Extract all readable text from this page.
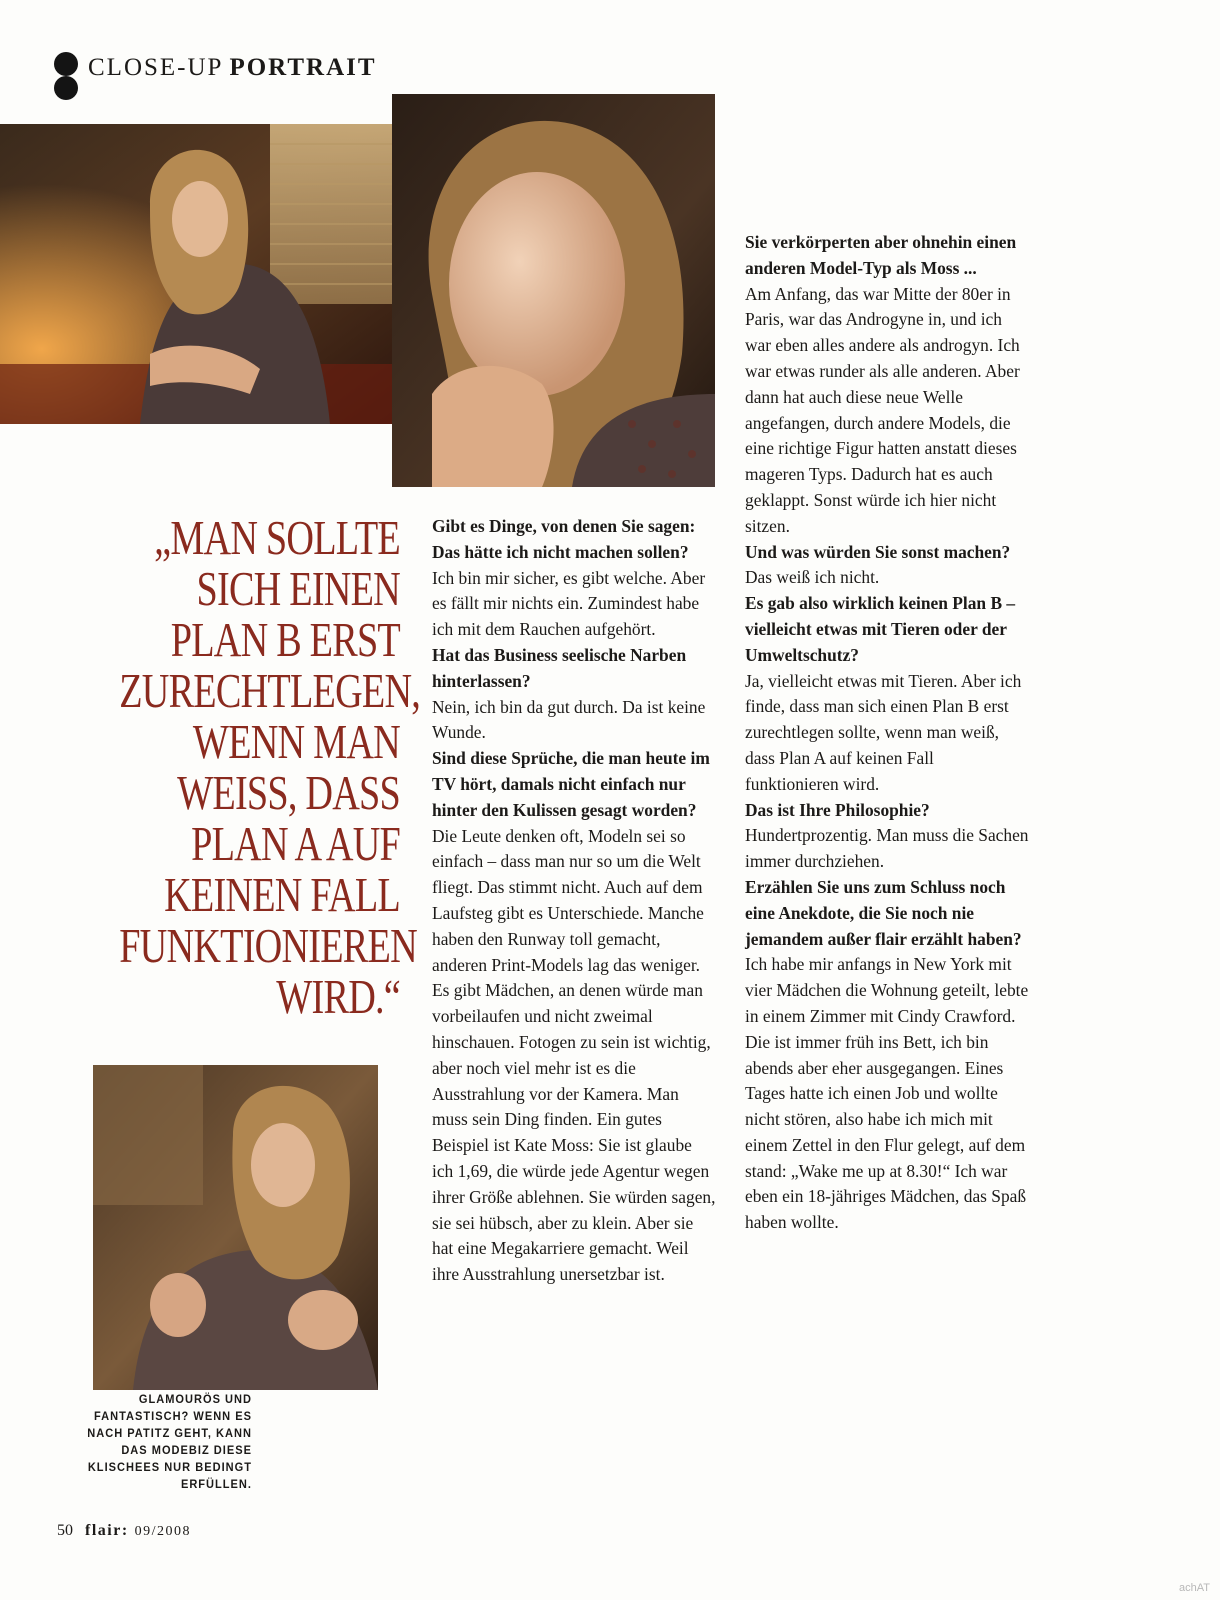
CLOSE-UP PORTRAIT
„MAN SOLLTE SICH EINEN PLAN B ERST ZURECHTLEGEN, WENN MAN WEISS, DASS PLAN A AUF KEINEN FALL FUNKTIONIEREN WIRD.“
GLAMOURÖS UND FANTASTISCH? WENN ES NACH PATITZ GEHT, KANN DAS MODEBIZ DIESE KLISCHEES NUR BEDINGT ERFÜLLEN.

Gibt es Dinge, von denen Sie sagen: Das hätte ich nicht machen sollen?

Ich bin mir sicher, es gibt welche. Aber es fällt mir nichts ein. Zumindest habe ich mit dem Rauchen aufgehört.

Hat das Business seelische Narben hinterlassen?

Nein, ich bin da gut durch. Da ist keine Wunde.

Sind diese Sprüche, die man heute im TV hört, damals nicht einfach nur hinter den Kulissen gesagt worden?

Die Leute denken oft, Modeln sei so einfach – dass man nur so um die Welt fliegt. Das stimmt nicht. Auch auf dem Laufsteg gibt es Unterschiede. Manche haben den Runway toll gemacht, anderen Print-Models lag das weniger. Es gibt Mädchen, an denen würde man vorbeilaufen und nicht zweimal hinschauen. Fotogen zu sein ist wichtig, aber noch viel mehr ist es die Ausstrahlung vor der Kamera. Man muss sein Ding finden. Ein gutes Beispiel ist Kate Moss: Sie ist glaube ich 1,69, die würde jede Agentur wegen ihrer Größe ablehnen. Sie würden sagen, sie sei hübsch, aber zu klein. Aber sie hat eine Megakarriere gemacht. Weil ihre Ausstrahlung unersetzbar ist.

Sie verkörperten aber ohnehin einen anderen Model-Typ als Moss ...

Am Anfang, das war Mitte der 80er in Paris, war das Androgyne in, und ich war eben alles andere als androgyn. Ich war etwas runder als alle anderen. Aber dann hat auch diese neue Welle angefangen, durch andere Models, die eine richtige Figur hatten anstatt dieses mageren Typs. Dadurch hat es auch geklappt. Sonst würde ich hier nicht sitzen.

Und was würden Sie sonst machen?

Das weiß ich nicht.

Es gab also wirklich keinen Plan B – vielleicht etwas mit Tieren oder der Umweltschutz?

Ja, vielleicht etwas mit Tieren. Aber ich finde, dass man sich einen Plan B erst zurechtlegen sollte, wenn man weiß, dass Plan A auf keinen Fall funktionieren wird.

Das ist Ihre Philosophie?

Hundertprozentig. Man muss die Sachen immer durchziehen.

Erzählen Sie uns zum Schluss noch eine Anekdote, die Sie noch nie jemandem außer flair erzählt haben?

Ich habe mir anfangs in New York mit vier Mädchen die Wohnung geteilt, lebte in einem Zimmer mit Cindy Crawford. Die ist immer früh ins Bett, ich bin abends aber eher ausgegangen. Eines Tages hatte ich einen Job und wollte nicht stören, also habe ich mich mit einem Zettel in den Flur gelegt, auf dem stand: „Wake me up at 8.30!“ Ich war eben ein 18-jähriges Mädchen, das Spaß haben wollte.

50 flair: 09/2008
achAT
